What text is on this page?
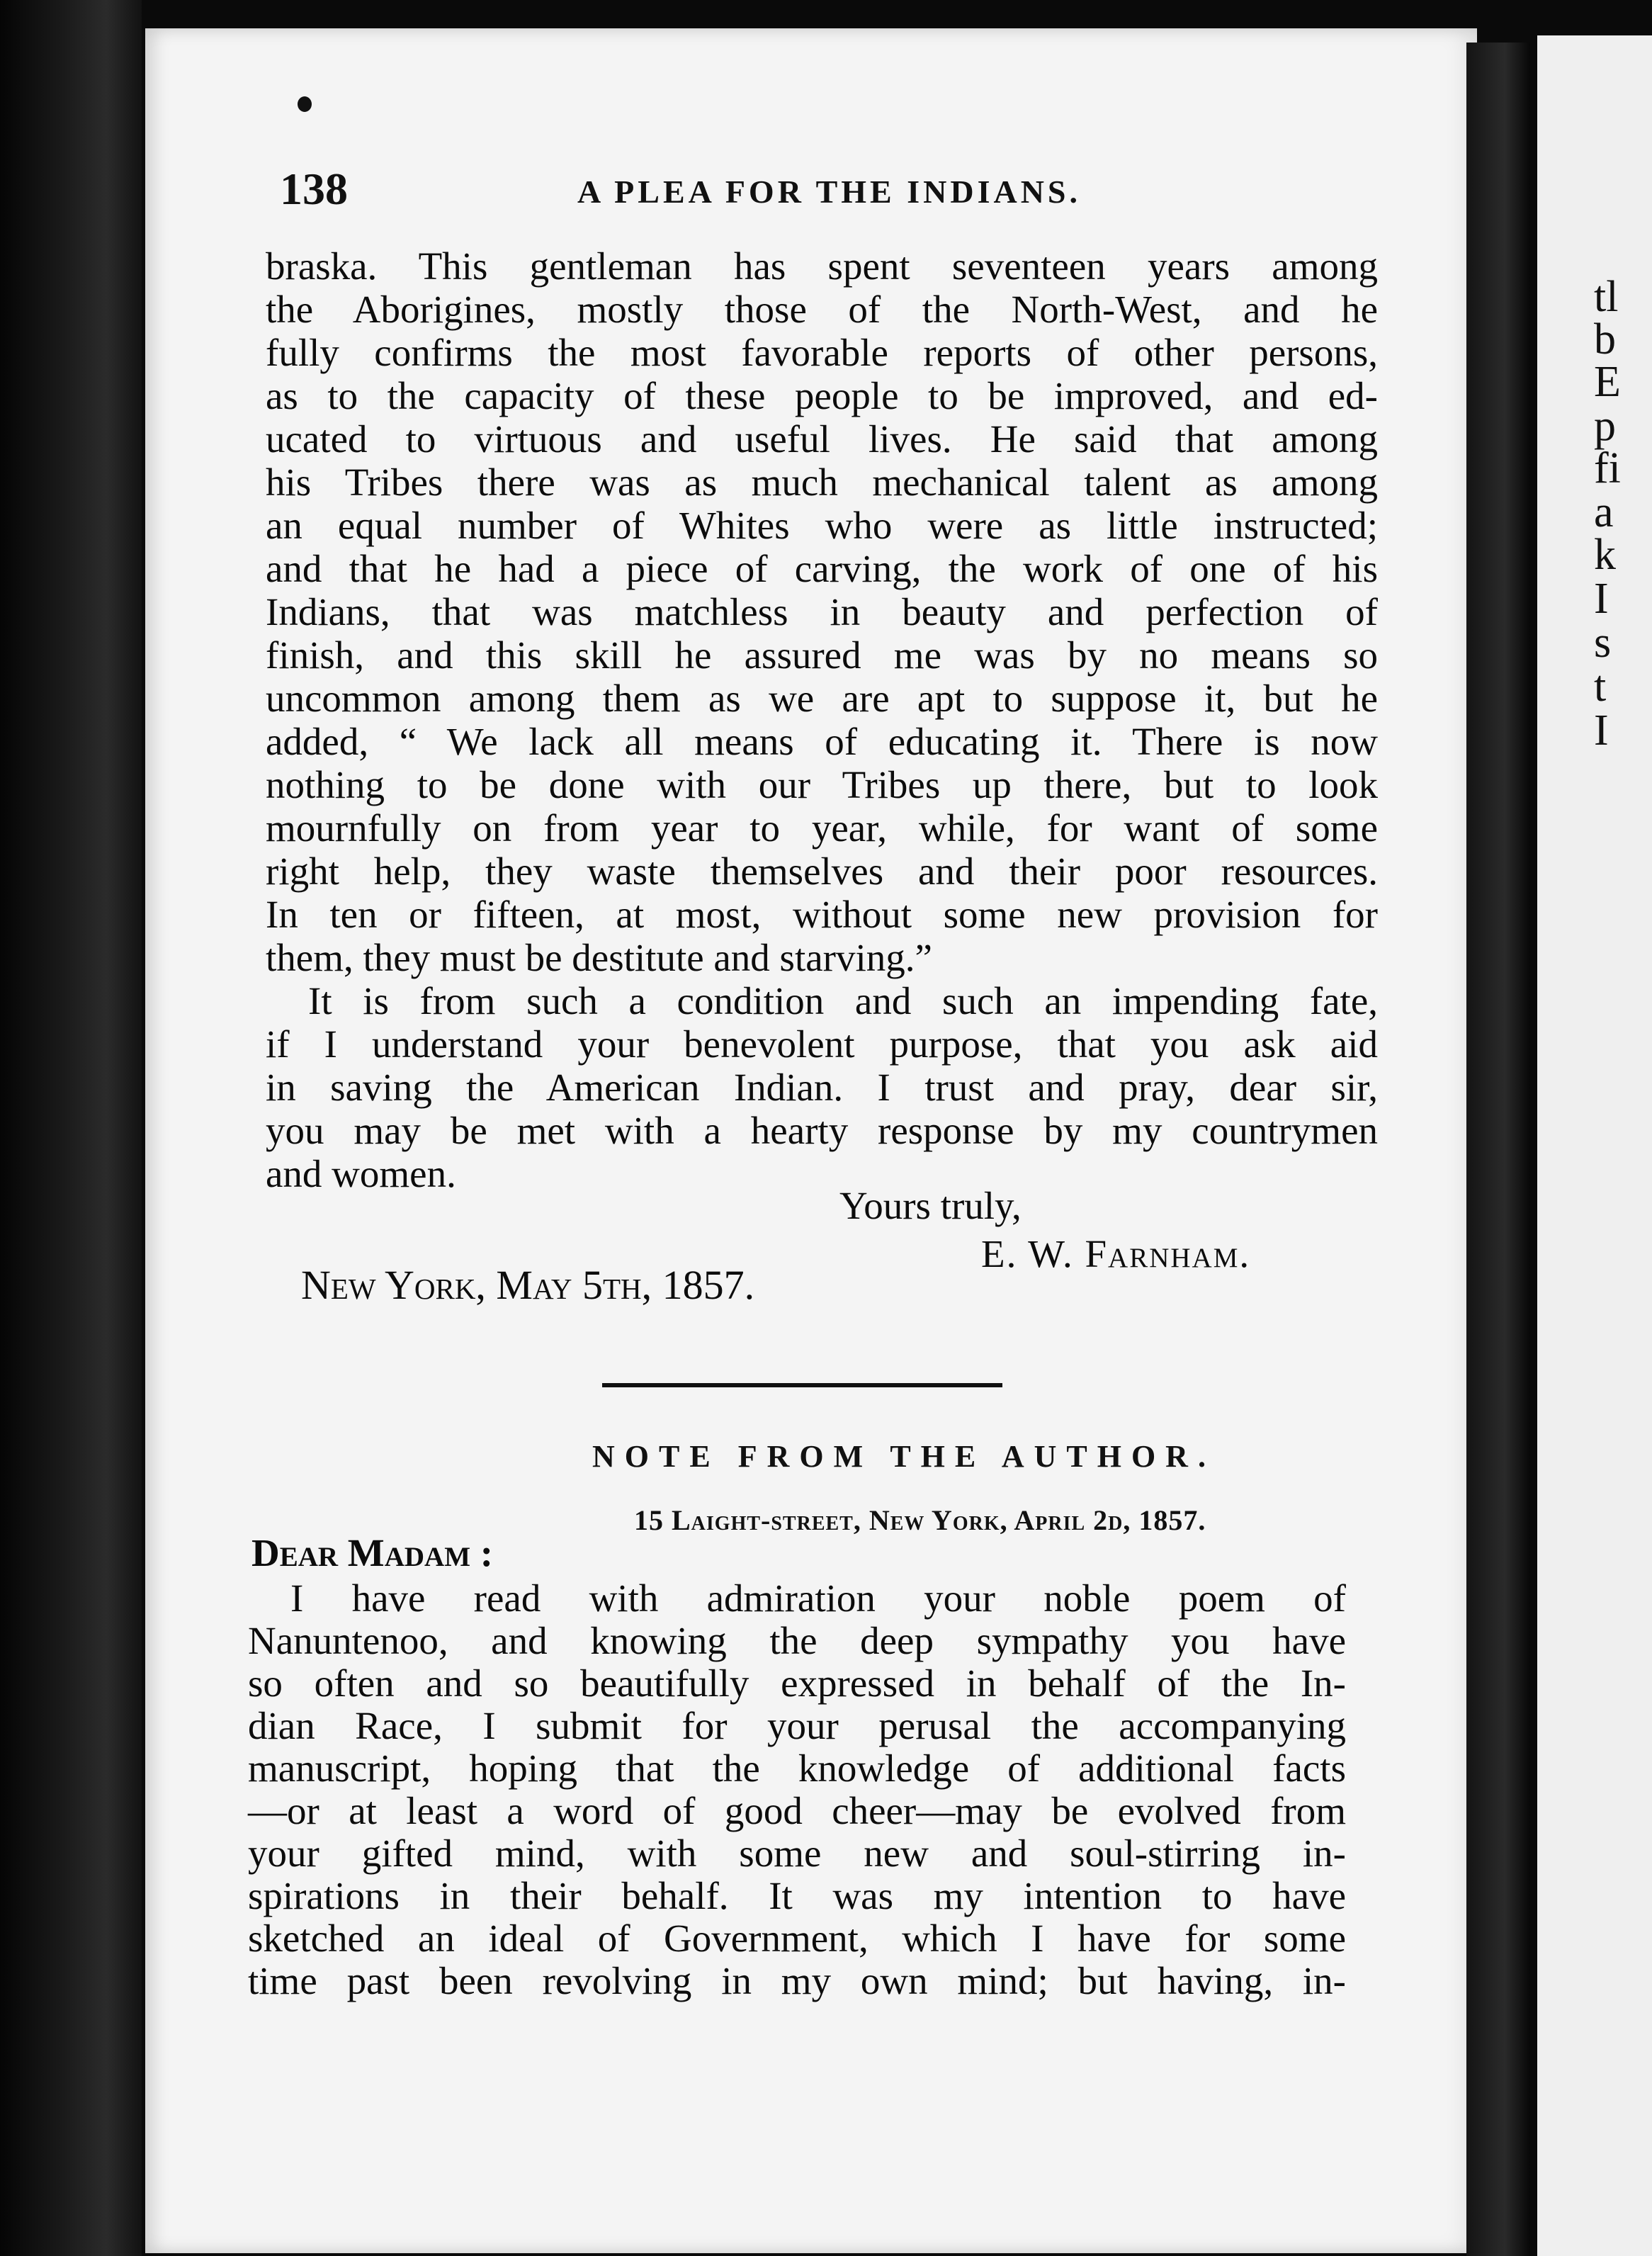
tl
b
E
p
fi
a
k
I
s
t
I
138	A PLEA FOR THE INDIANS.
braska. This gentleman has spent seventeen years among
the Aborigines, mostly those of the North-West, and he
fully confirms the most favorable reports of other persons,
as to the capacity of these people to be improved, and ed-
ucated to virtuous and useful lives. He said that among
his Tribes there was as much mechanical talent as among
an equal number of Whites who were as little instructed;
and that he had a piece of carving, the work of one of his
Indians, that was matchless in beauty and perfection of
finish, and this skill he assured me was by no means so
uncommon among them as we are apt to suppose it, but he
added, “ We lack all means of educating it. There is now
nothing to be done with our Tribes up there, but to look
mournfully on from year to year, while, for want of some
right help, they waste themselves and their poor resources.
In ten or fifteen, at most, without some new provision for
them, they must be destitute and starving.”
It is from such a condition and such an impending fate,
if I understand your benevolent purpose, that you ask aid
in saving the American Indian. I trust and pray, dear sir,
you may be met with a hearty response by my countrymen
and women.
Yours truly,
E. W. Farnham.
New York, May 5th, 1857.
NOTE FROM THE AUTHOR.
15 Laight-street, New York, April 2d, 1857.
Dear Madam :
I have read with admiration your noble poem of
Nanuntenoo, and knowing the deep sympathy you have
so often and so beautifully expressed in behalf of the In-
dian Race, I submit for your perusal the accompanying
manuscript, hoping that the knowledge of additional facts
—or at least a word of good cheer—may be evolved from
your gifted mind, with some new and soul-stirring in-
spirations in their behalf. It was my intention to have
sketched an ideal of Government, which I have for some
time past been revolving in my own mind; but having, in-
